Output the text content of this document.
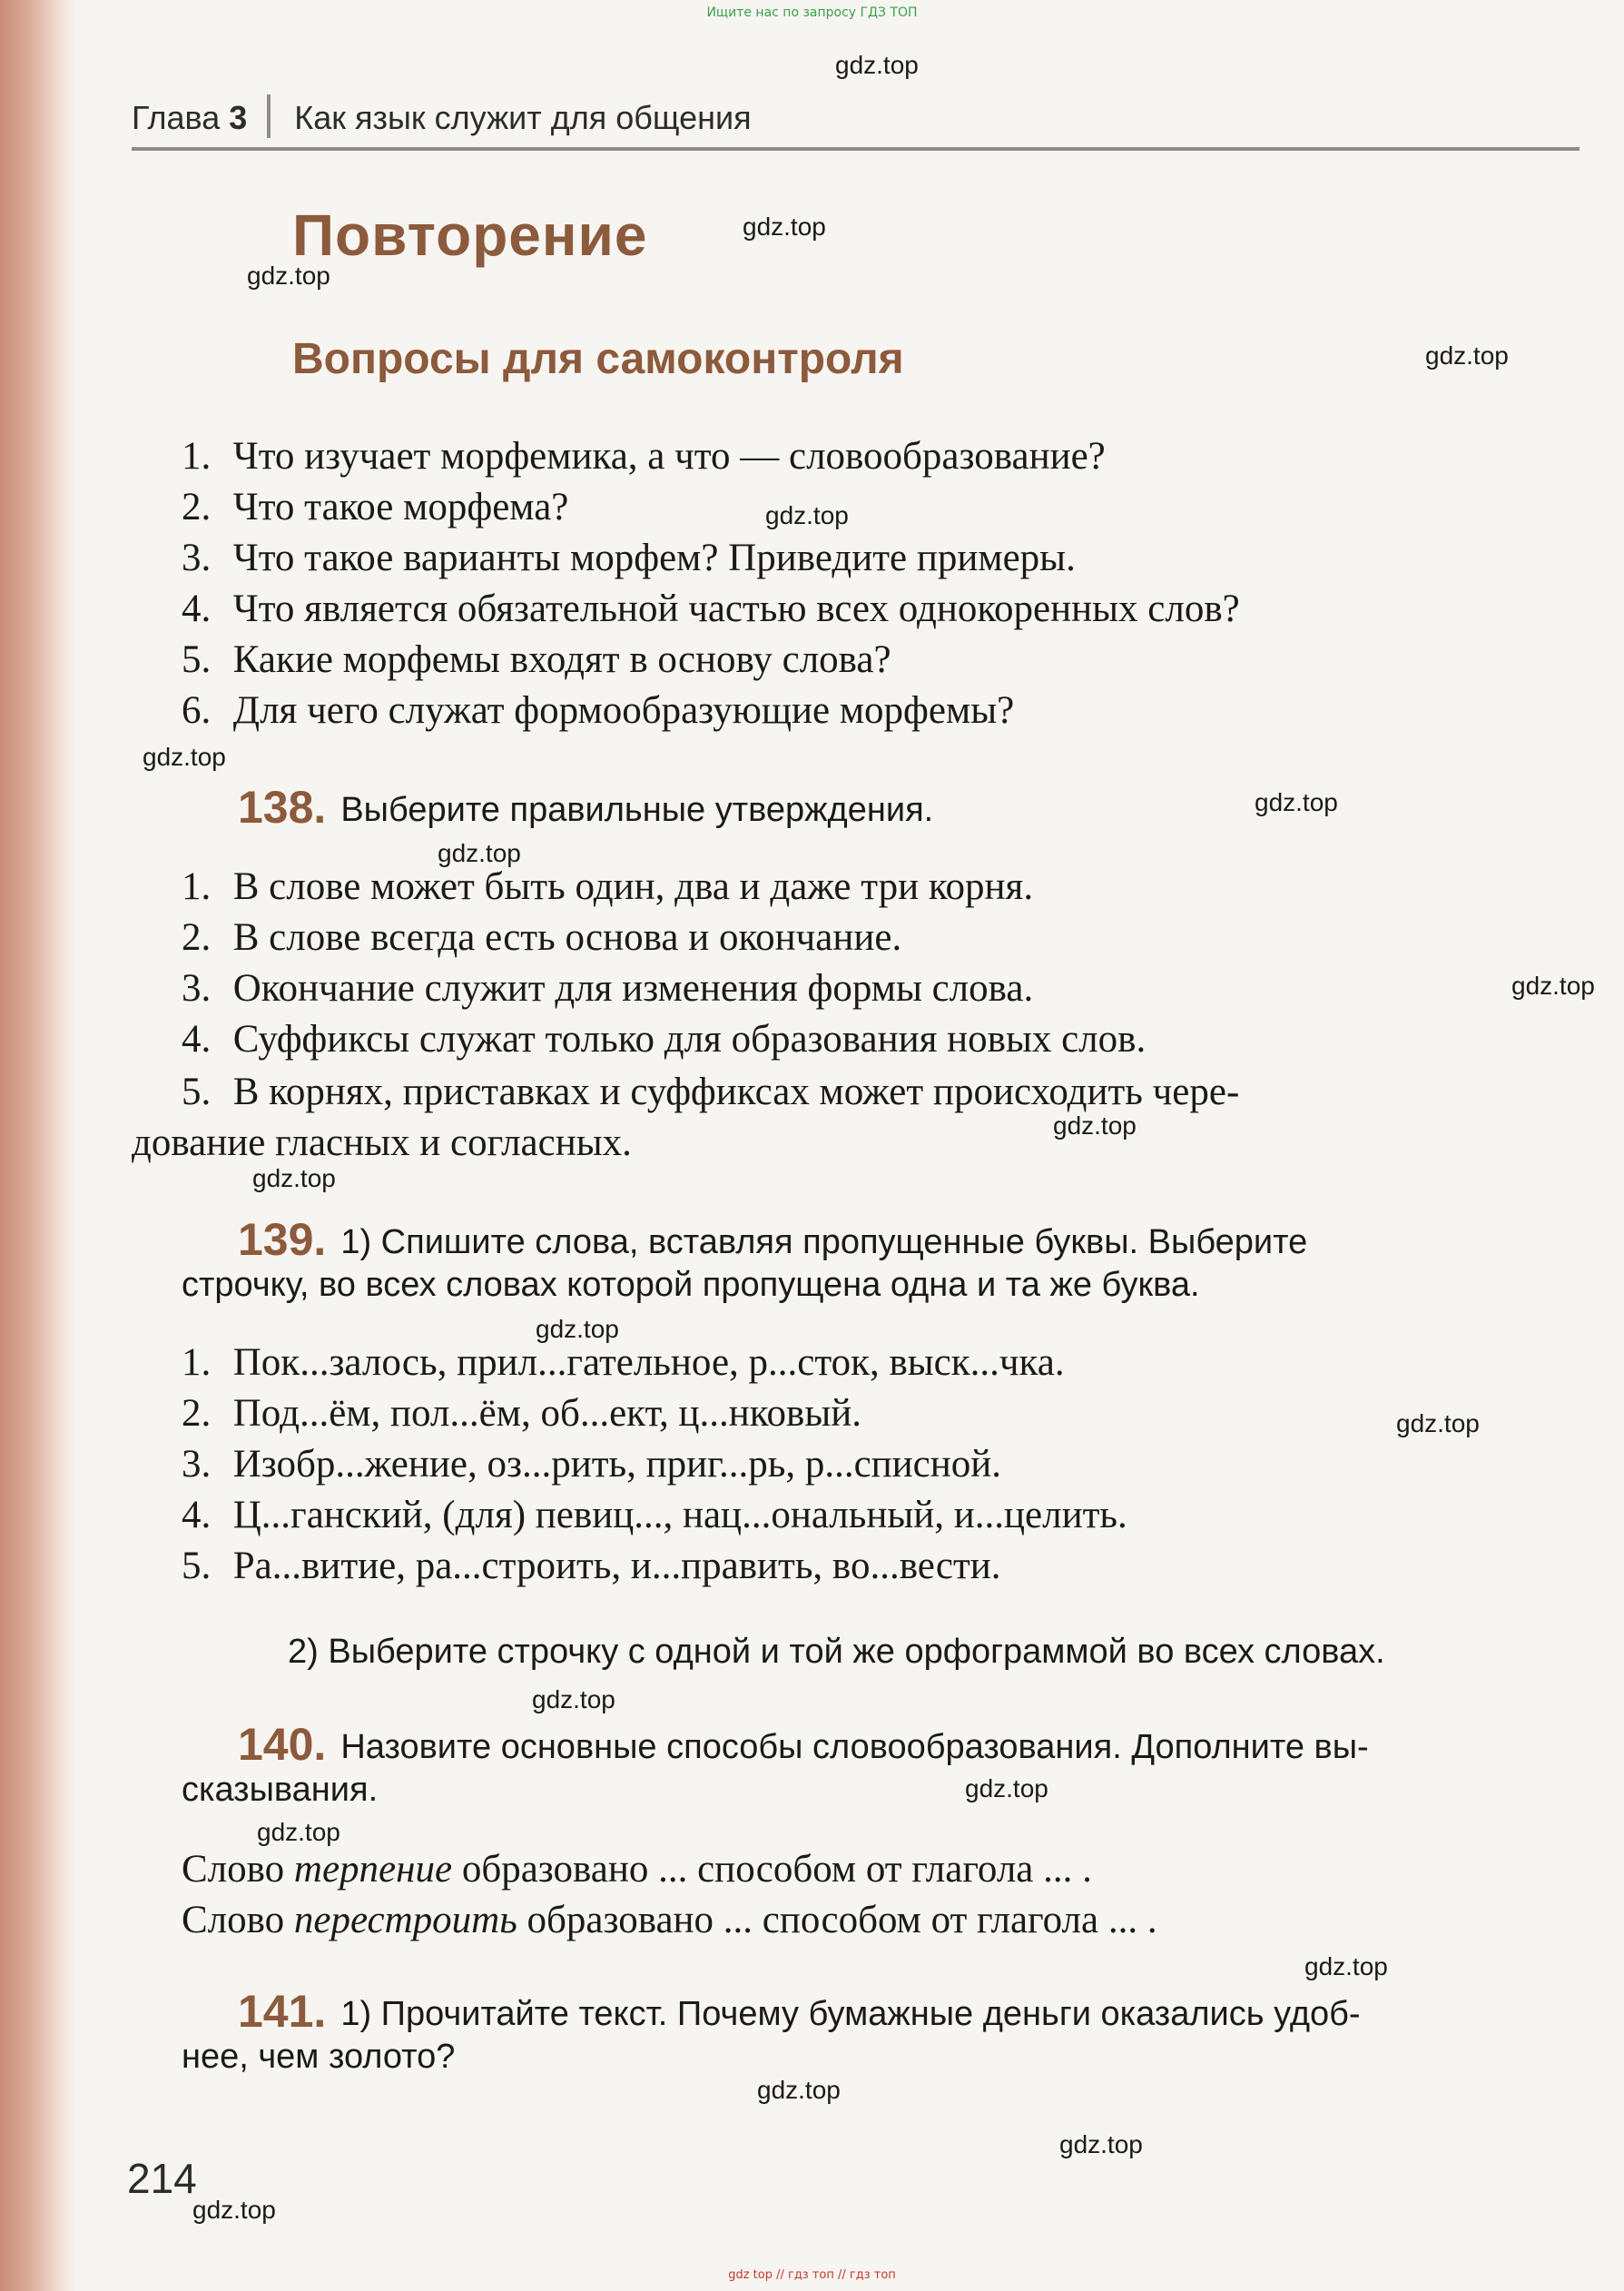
Ищите нас по запросу ГДЗ ТОП
Глава 3 Как язык служит для общения
Повторение
Вопросы для самоконтроля
1. Что изучает морфемика, а что — словообразование?
2. Что такое морфема?
3. Что такое варианты морфем? Приведите примеры.
4. Что является обязательной частью всех однокоренных слов?
5. Какие морфемы входят в основу слова?
6. Для чего служат формообразующие морфемы?
138. Выберите правильные утверждения.
1. В слове может быть один, два и даже три корня.
2. В слове всегда есть основа и окончание.
3. Окончание служит для изменения формы слова.
4. Суффиксы служат только для образования новых слов.
5. В корнях, приставках и суффиксах может происходить чере-
дование гласных и согласных.
139. 1) Спишите слова, вставляя пропущенные буквы. Выберите
строчку, во всех словах которой пропущена одна и та же буква.
1. Пок...залось, прил...гательное, р...сток, выск...чка.
2. Под...ём, пол...ём, об...ект, ц...нковый.
3. Изобр...жение, оз...рить, приг...рь, р...списной.
4. Ц...ганский, (для) певиц..., нац...ональный, и...целить.
5. Ра...витие, ра...строить, и...править, во...вести.
2) Выберите строчку с одной и той же орфограммой во всех словах.
140. Назовите основные способы словообразования. Дополните вы-
сказывания.
Слово терпение образовано ... способом от глагола ... .
Слово перестроить образовано ... способом от глагола ... .
141. 1) Прочитайте текст. Почему бумажные деньги оказались удоб-
нее, чем золото?
214
gdz.top
gdz.top
gdz.top
gdz.top
gdz.top
gdz.top
gdz.top
gdz.top
gdz.top
gdz.top
gdz.top
gdz.top
gdz.top
gdz.top
gdz.top
gdz.top
gdz.top
gdz.top
gdz.top
gdz.top
gdz top // гдз топ // гдз топ
